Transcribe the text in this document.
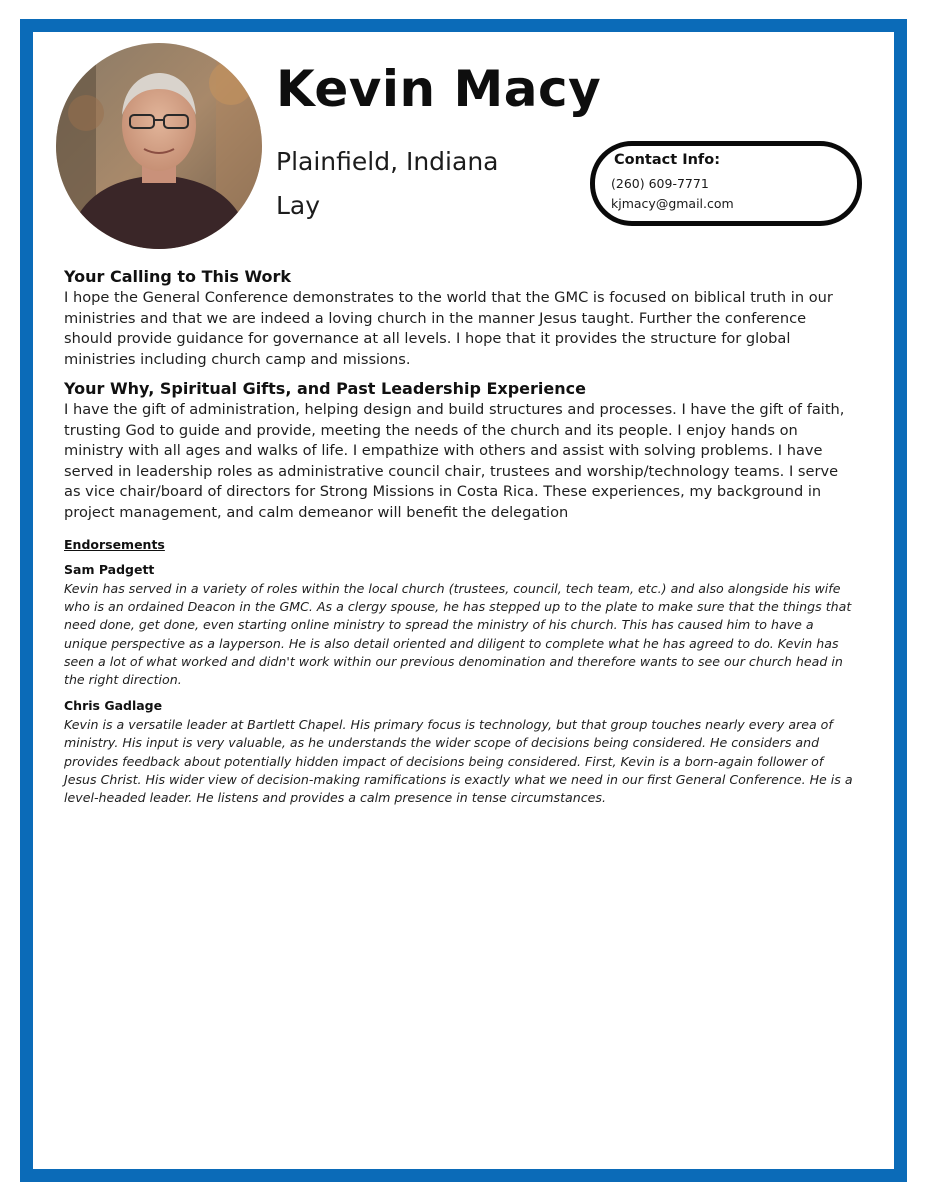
Kevin Macy
Plainfield, Indiana
Lay
Contact Info:
(260) 609-7771
kjmacy@gmail.com
Your Calling to This Work

I hope the General Conference demonstrates to the world that the GMC is focused on biblical truth in our ministries and that we are indeed a loving church in the manner Jesus taught. Further the conference should provide guidance for governance at all levels. I hope that it provides the structure for global ministries including church camp and missions.

Your Why, Spiritual Gifts, and Past Leadership Experience

I have the gift of administration, helping design and build structures and processes. I have the gift of faith, trusting God to guide and provide, meeting the needs of the church and its people. I enjoy hands on ministry with all ages and walks of life. I empathize with others and assist with solving problems. I have served in leadership roles as administrative council chair, trustees and worship/technology teams. I serve as vice chair/board of directors for Strong Missions in Costa Rica. These experiences, my background in project management, and calm demeanor will benefit the delegation

Endorsements
Sam Padgett

Kevin has served in a variety of roles within the local church (trustees, council, tech team, etc.) and also alongside his wife who is an ordained Deacon in the GMC. As a clergy spouse, he has stepped up to the plate to make sure that the things that need done, get done, even starting online ministry to spread the ministry of his church. This has caused him to have a unique perspective as a layperson. He is also detail oriented and diligent to complete what he has agreed to do. Kevin has seen a lot of what worked and didn't work within our previous denomination and therefore wants to see our church head in the right direction.

Chris Gadlage

Kevin is a versatile leader at Bartlett Chapel. His primary focus is technology, but that group touches nearly every area of ministry. His input is very valuable, as he understands the wider scope of decisions being considered. He considers and provides feedback about potentially hidden impact of decisions being considered. First, Kevin is a born-again follower of Jesus Christ. His wider view of decision-making ramifications is exactly what we need in our first General Conference. He is a level-headed leader. He listens and provides a calm presence in tense circumstances.
